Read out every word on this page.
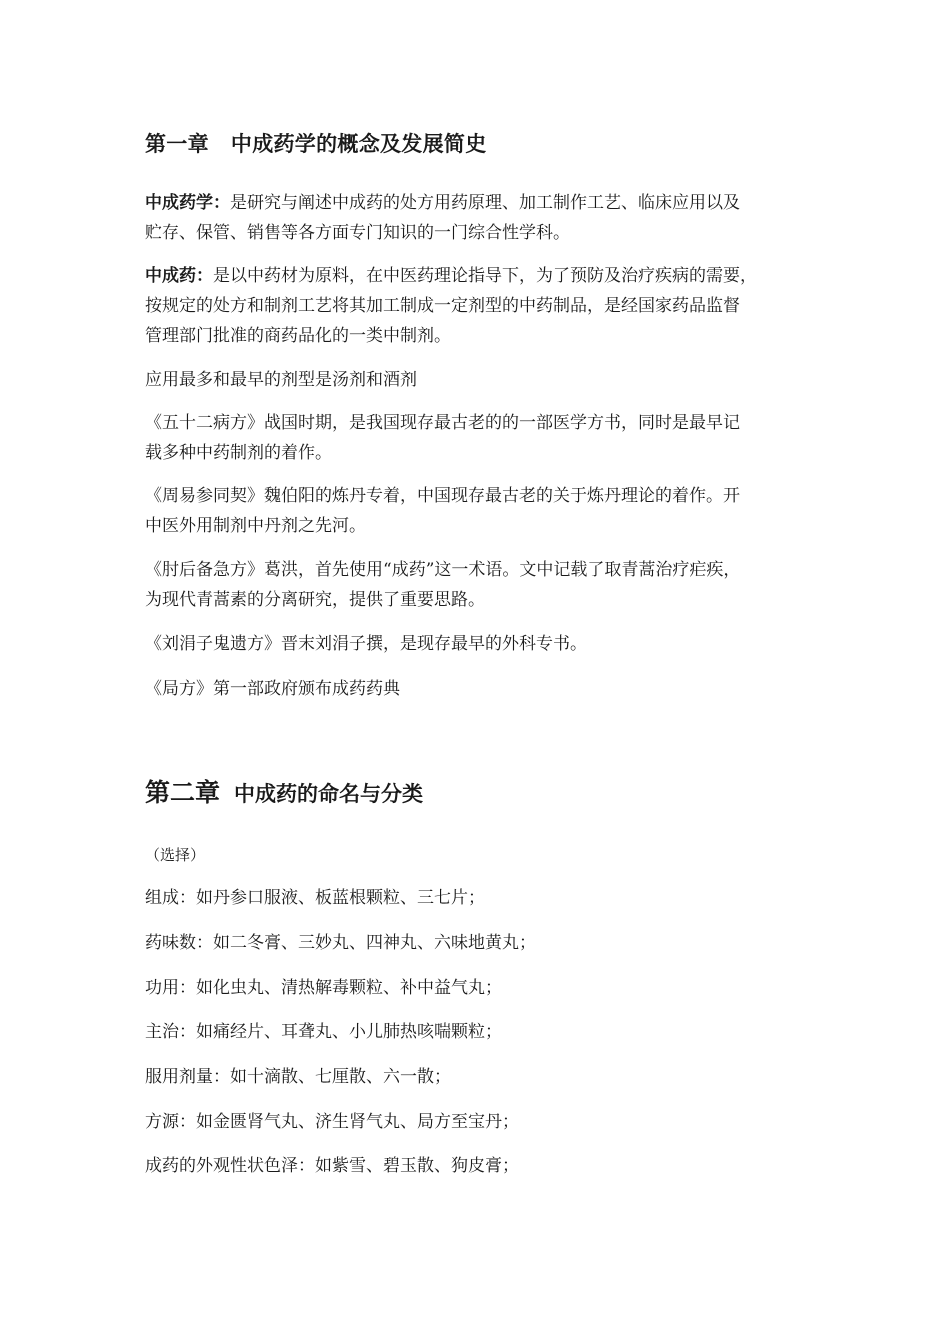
第一章 中成药学的概念及发展简史

中成药学：是研究与阐述中成药的处方用药原理、加工制作工艺、临床应用以及
贮存、保管、销售等各方面专门知识的一门综合性学科。

中成药：是以中药材为原料，在中医药理论指导下，为了预防及治疗疾病的需要，
按规定的处方和制剂工艺将其加工制成一定剂型的中药制品，是经国家药品监督
管理部门批准的商药品化的一类中制剂。

应用最多和最早的剂型是汤剂和酒剂

《五十二病方》战国时期，是我国现存最古老的的一部医学方书，同时是最早记
载多种中药制剂的着作。

《周易参同契》魏伯阳的炼丹专着，中国现存最古老的关于炼丹理论的着作。开
中医外用制剂中丹剂之先河。

《肘后备急方》葛洪，首先使用“成药”这一术语。文中记载了取青蒿治疗疟疾，
为现代青蒿素的分离研究，提供了重要思路。

《刘涓子鬼遗方》晋末刘涓子撰，是现存最早的外科专书。

《局方》第一部政府颁布成药药典

第二章 中成药的命名与分类

（选择）

组成：如丹参口服液、板蓝根颗粒、三七片；

药味数：如二冬膏、三妙丸、四神丸、六味地黄丸；

功用：如化虫丸、清热解毒颗粒、补中益气丸；

主治：如痛经片、耳聋丸、小儿肺热咳喘颗粒；

服用剂量：如十滴散、七厘散、六一散；

方源：如金匮肾气丸、济生肾气丸、局方至宝丹；

成药的外观性状色泽：如紫雪、碧玉散、狗皮膏；
